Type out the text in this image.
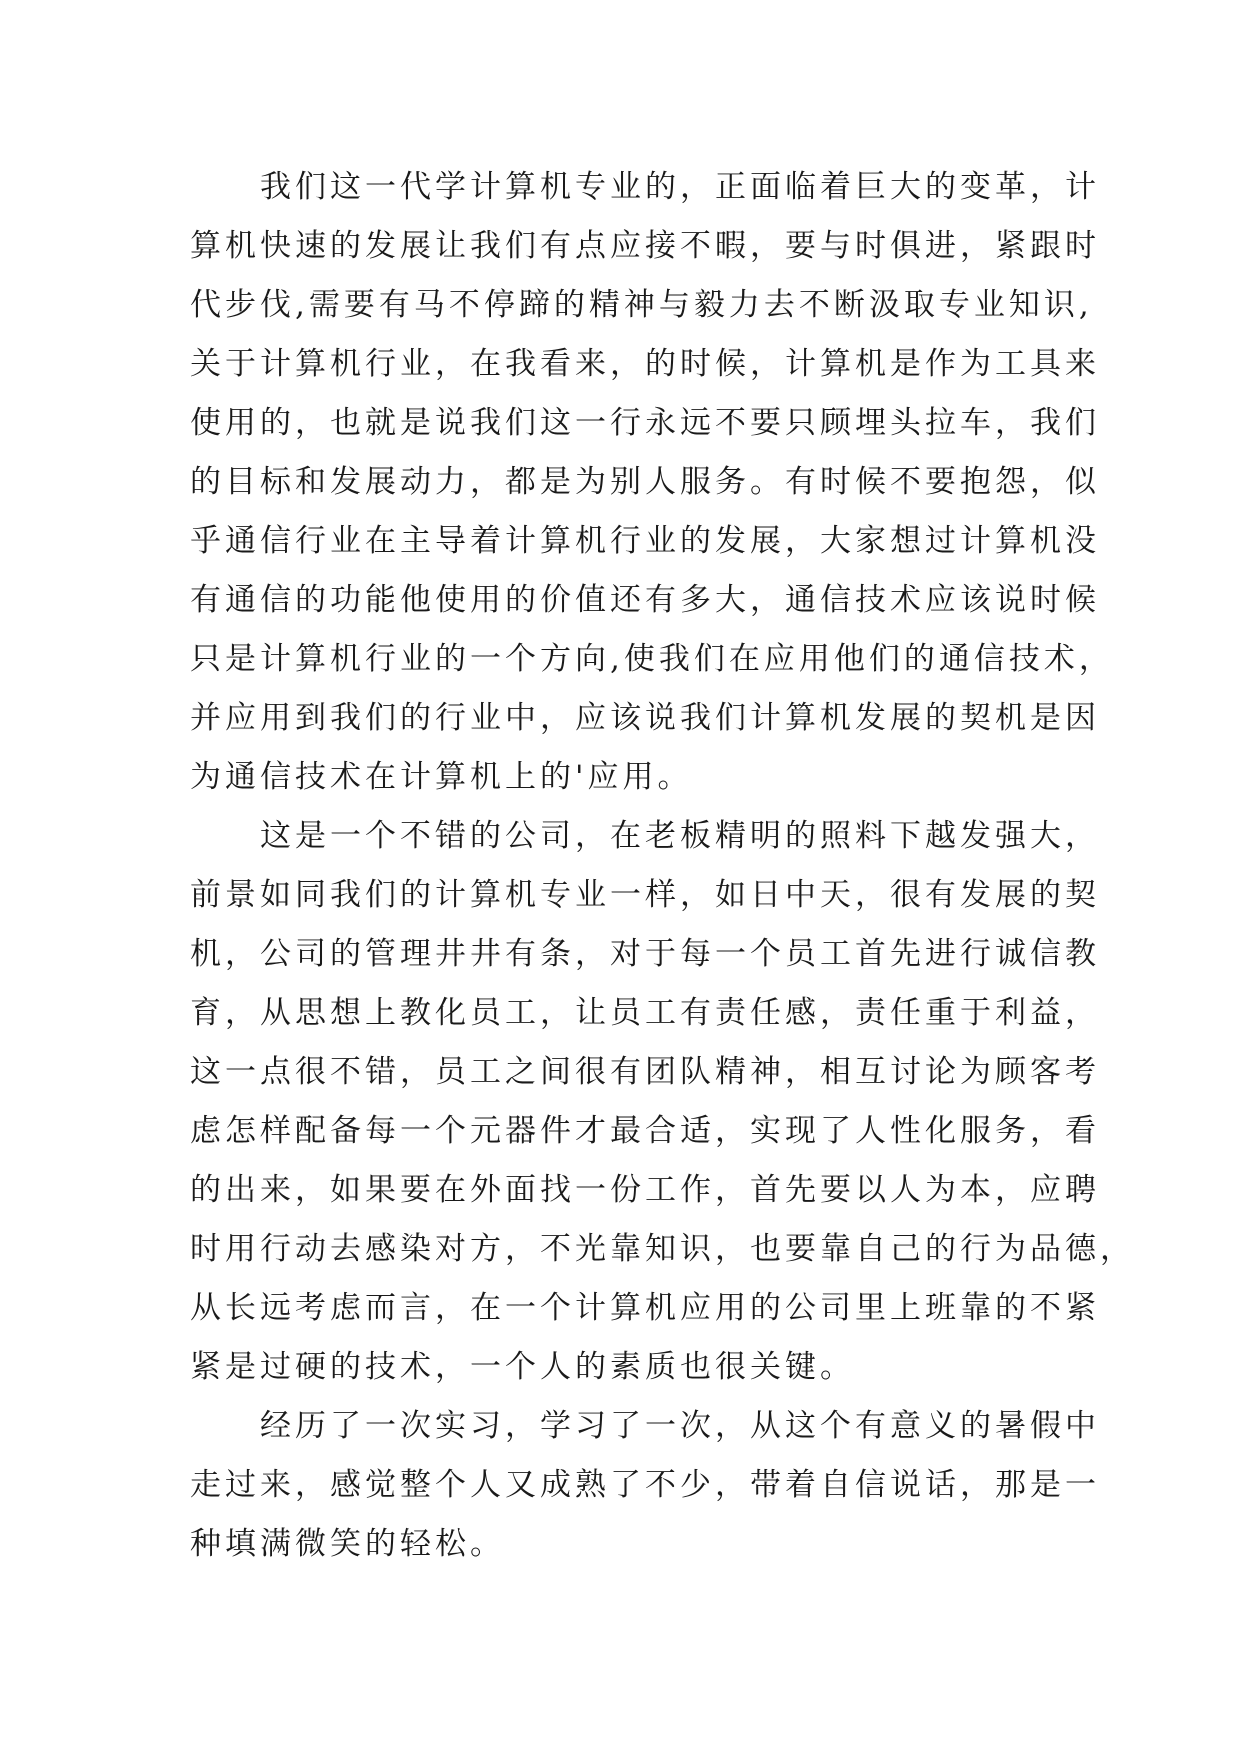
　　我们这一代学计算机专业的，正面临着巨大的变革，计
算机快速的发展让我们有点应接不暇，要与时俱进，紧跟时
代步伐,需要有马不停蹄的精神与毅力去不断汲取专业知识,
关于计算机行业，在我看来，的时候，计算机是作为工具来
使用的，也就是说我们这一行永远不要只顾埋头拉车，我们
的目标和发展动力，都是为别人服务。有时候不要抱怨，似
乎通信行业在主导着计算机行业的发展，大家想过计算机没
有通信的功能他使用的价值还有多大，通信技术应该说时候
只是计算机行业的一个方向,使我们在应用他们的通信技术，
并应用到我们的行业中，应该说我们计算机发展的契机是因
为通信技术在计算机上的'应用。
　　这是一个不错的公司，在老板精明的照料下越发强大，
前景如同我们的计算机专业一样，如日中天，很有发展的契
机，公司的管理井井有条，对于每一个员工首先进行诚信教
育，从思想上教化员工，让员工有责任感，责任重于利益，
这一点很不错，员工之间很有团队精神，相互讨论为顾客考
虑怎样配备每一个元器件才最合适，实现了人性化服务，看
的出来，如果要在外面找一份工作，首先要以人为本，应聘
时用行动去感染对方，不光靠知识，也要靠自己的行为品德，
从长远考虑而言，在一个计算机应用的公司里上班靠的不紧
紧是过硬的技术，一个人的素质也很关键。
　　经历了一次实习，学习了一次，从这个有意义的暑假中
走过来，感觉整个人又成熟了不少，带着自信说话，那是一
种填满微笑的轻松。
